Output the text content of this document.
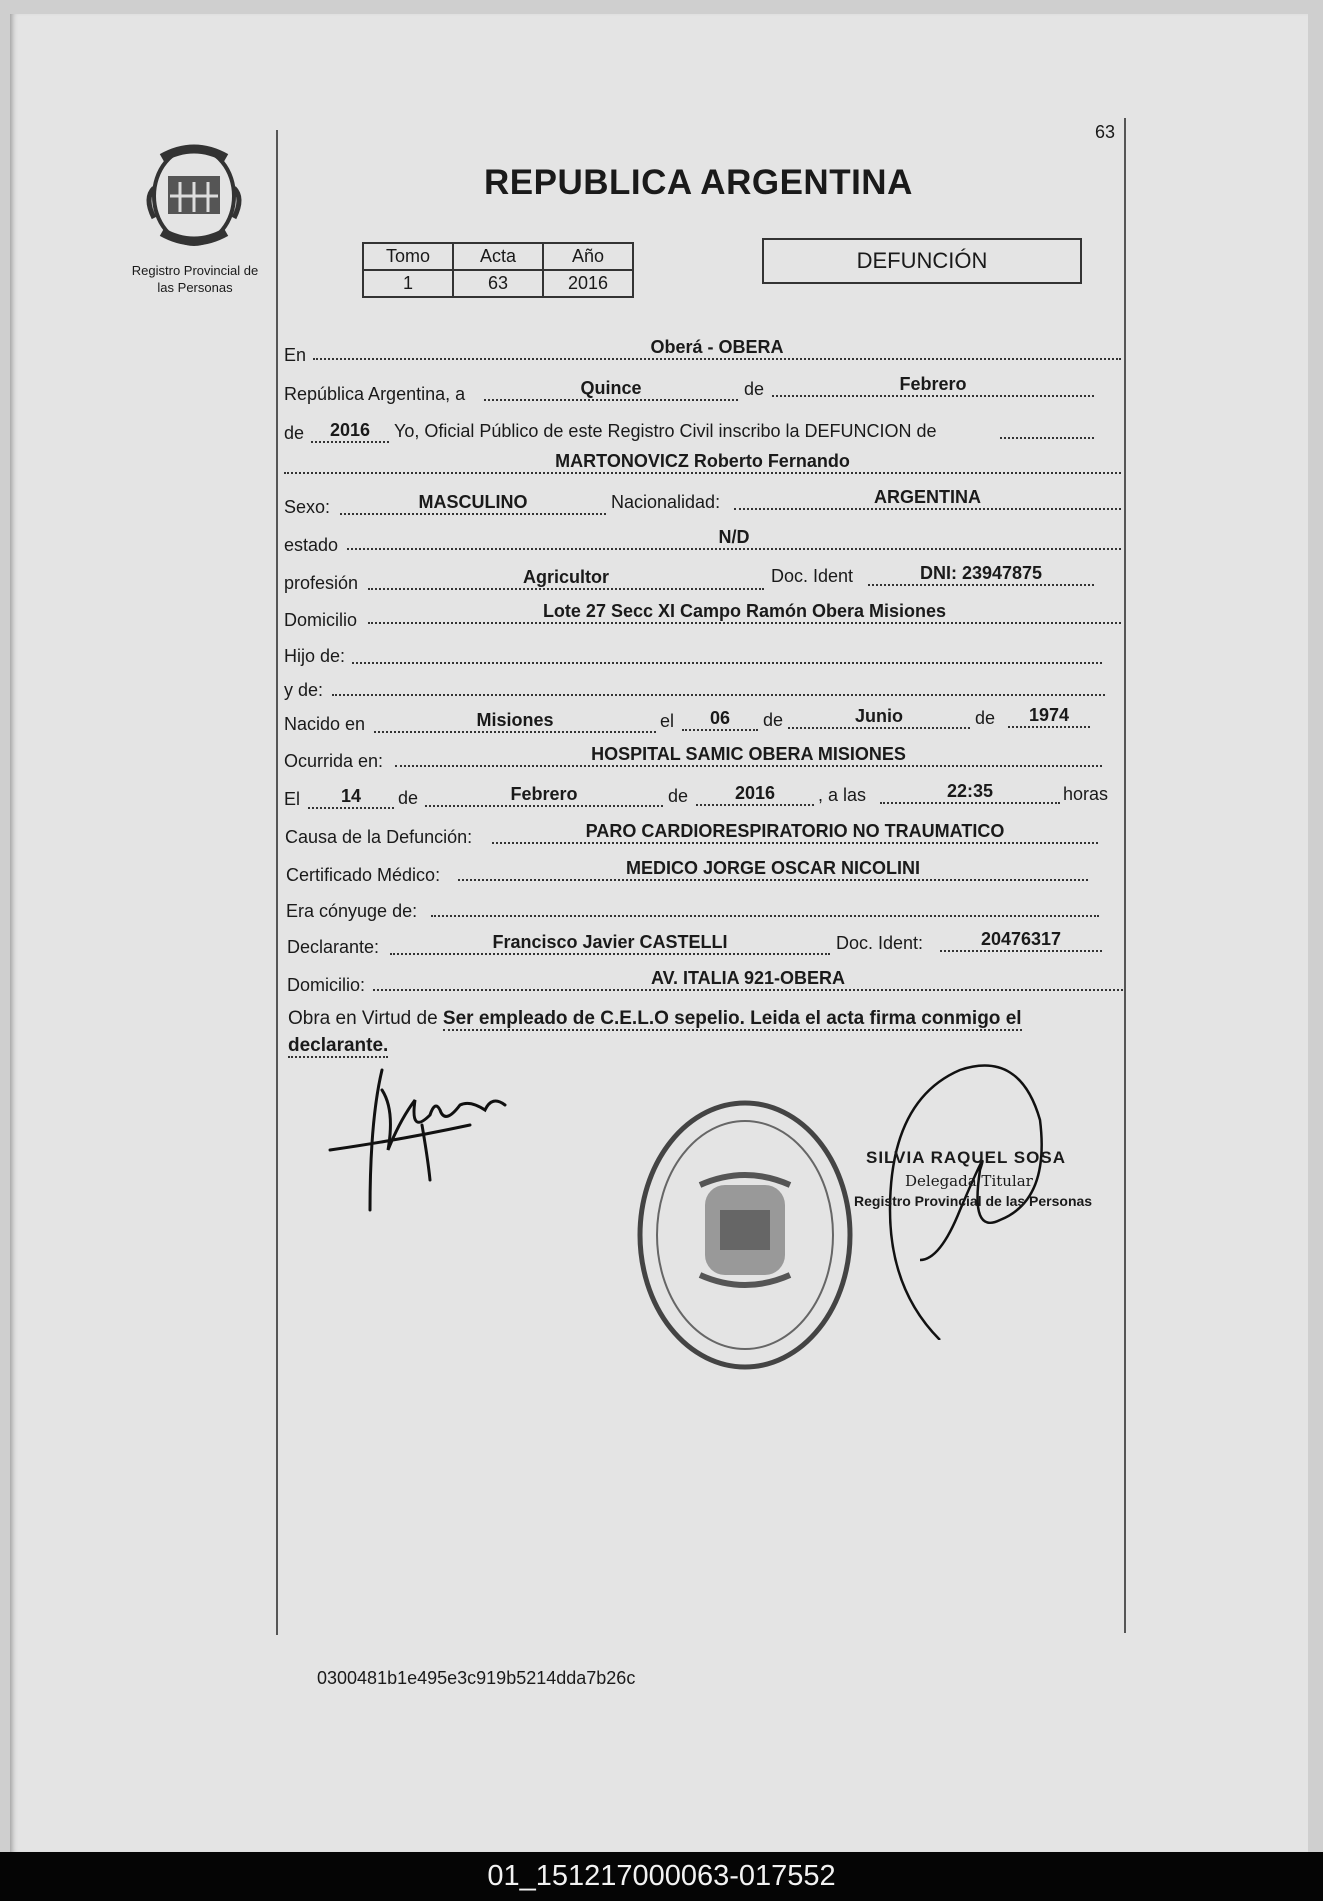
63
Registro Provincial de
las Personas
REPUBLICA ARGENTINA
Tomo	Acta	Año
1	63	2016
DEFUNCIÓN
En	Oberá - OBERA
República Argentina, a	Quince	de	Febrero
de	2016	Yo, Oficial Público de este Registro Civil inscribo la DEFUNCION de
MARTONOVICZ Roberto Fernando
Sexo:	MASCULINO	Nacionalidad:	ARGENTINA
estado	N/D
profesión	Agricultor	Doc. Ident	DNI: 23947875
Domicilio	Lote 27 Secc XI Campo Ramón Obera Misiones
Hijo de:
y de:
Nacido en	Misiones	el	06	de	Junio	de	1974
Ocurrida en:	HOSPITAL SAMIC OBERA MISIONES
El	14	de	Febrero	de	2016	, a las	22:35	horas
Causa de la Defunción:	PARO CARDIORESPIRATORIO NO TRAUMATICO
Certificado Médico:	MEDICO JORGE OSCAR NICOLINI
Era cónyuge de:
Declarante:	Francisco Javier CASTELLI	Doc. Ident:	20476317
Domicilio:	AV. ITALIA 921-OBERA
Obra en Virtud de Ser empleado de C.E.L.O sepelio. Leida el acta firma conmigo el declarante.
SILVIA RAQUEL SOSA
Delegada Titular
Registro Provincial de las Personas
0300481b1e495e3c919b5214dda7b26c
01_151217000063-017552
